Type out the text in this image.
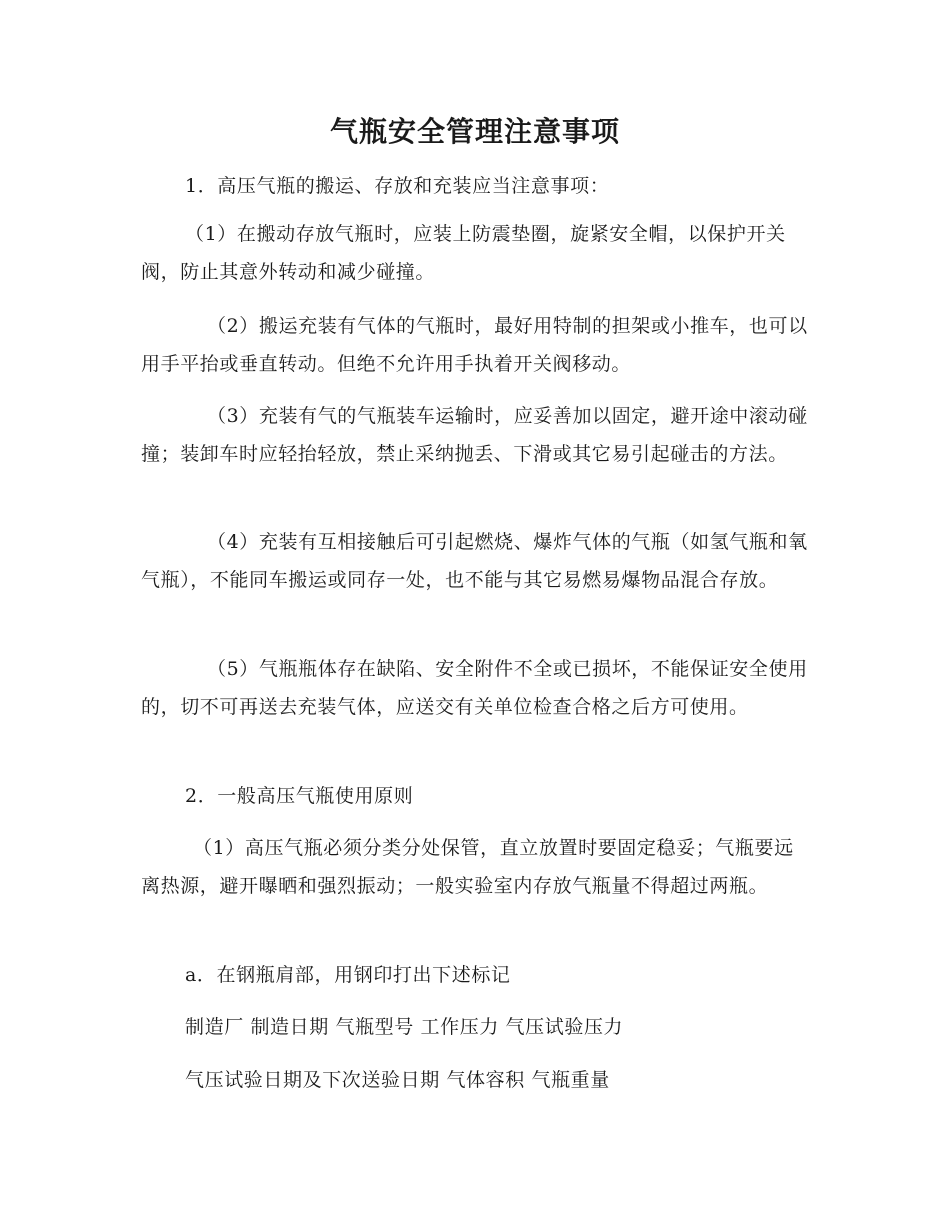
气瓶安全管理注意事项
1．高压气瓶的搬运、存放和充装应当注意事项：
（1）在搬动存放气瓶时，应装上防震垫圈，旋紧安全帽，以保护开关阀，防止其意外转动和减少碰撞。
（2）搬运充装有气体的气瓶时，最好用特制的担架或小推车，也可以用手平抬或垂直转动。但绝不允许用手执着开关阀移动。
（3）充装有气的气瓶装车运输时，应妥善加以固定，避开途中滚动碰撞；装卸车时应轻抬轻放，禁止采纳抛丢、下滑或其它易引起碰击的方法。
（4）充装有互相接触后可引起燃烧、爆炸气体的气瓶（如氢气瓶和氧气瓶），不能同车搬运或同存一处，也不能与其它易燃易爆物品混合存放。
（5）气瓶瓶体存在缺陷、安全附件不全或已损坏，不能保证安全使用的，切不可再送去充装气体，应送交有关单位检查合格之后方可使用。
2．一般高压气瓶使用原则
（1）高压气瓶必须分类分处保管，直立放置时要固定稳妥；气瓶要远离热源，避开曝晒和强烈振动；一般实验室内存放气瓶量不得超过两瓶。
a．在钢瓶肩部，用钢印打出下述标记
制造厂 制造日期 气瓶型号 工作压力 气压试验压力
气压试验日期及下次送验日期 气体容积 气瓶重量
